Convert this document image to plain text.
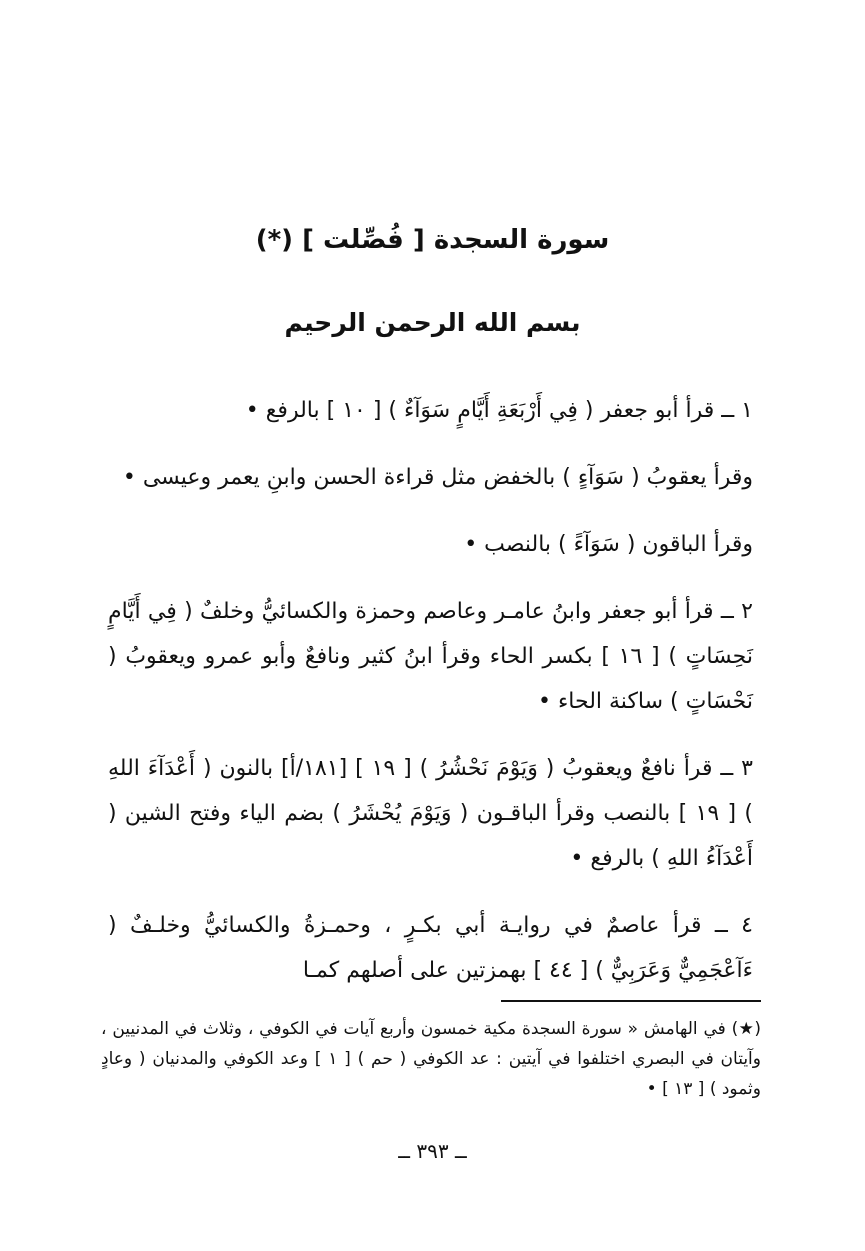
سورة السجدة [ فُصِّلت ] (*)
بسم الله الرحمن الرحيم

١ ــ قرأ أبو جعفر ( فِي أَرْبَعَةِ أَيَّامٍ سَوَآءٌ ) [ ١٠ ] بالرفع •

وقرأ يعقوبُ ( سَوَآءٍ ) بالخفض مثل قراءة الحسن وابنِ يعمر وعيسى •

وقرأ الباقون ( سَوَآءً ) بالنصب •

٢ ــ قرأ أبو جعفر وابنُ عامـر وعاصم وحمزة والكسائيُّ وخلفٌ ( فِي أَيَّامٍ نَحِسَاتٍ ) [ ١٦ ] بكسر الحاء وقرأ ابنُ كثير ونافعٌ وأبو عمرو ويعقوبُ ( نَحْسَاتٍ ) ساكنة الحاء •

٣ ــ قرأ نافعٌ ويعقوبُ ( وَيَوْمَ نَحْشُرُ ) [ ١٩ ] [١٨١/أ] بالنون ( أَعْدَآءَ اللهِ ) [ ١٩ ] بالنصب وقرأ الباقـون ( وَيَوْمَ يُحْشَرُ ) بضم الياء وفتح الشين ( أَعْدَآءُ اللهِ ) بالرفع •

٤ ــ قرأ عاصمٌ في روايـة أبي بكـرٍ ، وحمـزةُ والكسائيُّ وخلـفٌ ( ءَآعْجَمِيٌّ وَعَرَبِيٌّ ) [ ٤٤ ] بهمزتين على أصلهم كمـا

(★) في الهامش « سورة السجدة مكية خمسون وأربع آيات في الكوفي ، وثلاث في المدنيين ، وآيتان في البصري اختلفوا في آيتين : عد الكوفي ( حم ) [ ١ ] وعد الكوفي والمدنيان ( وعادٍ وثمود ) [ ١٣ ] •
ــ ٣٩٣ ــ
